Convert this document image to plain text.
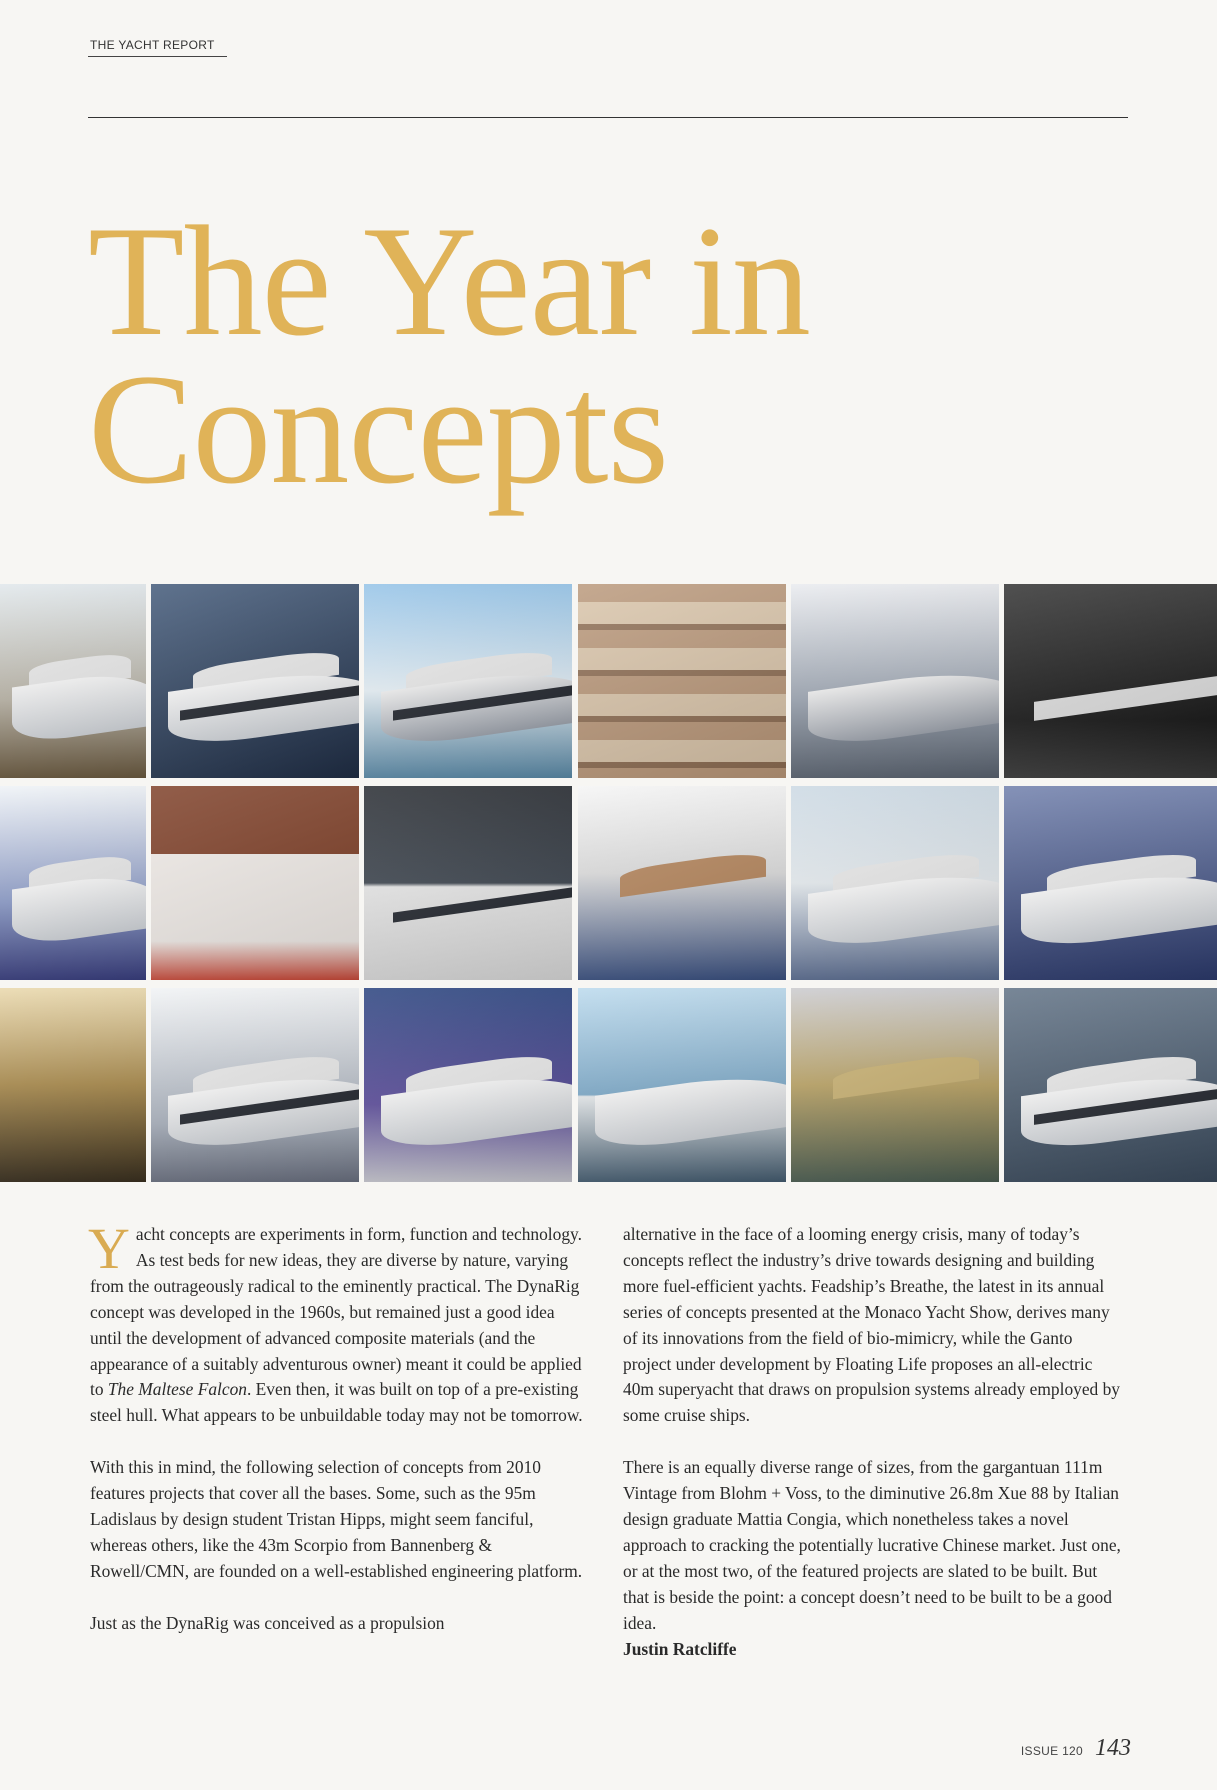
THE YACHT REPORT
The Year in
Concepts

Yacht concepts are experiments in form, function and technology. As test beds for new ideas, they are diverse by nature, varying from the outrageously radical to the eminently practical. The DynaRig concept was developed in the 1960s, but remained just a good idea until the development of advanced composite materials (and the appearance of a suitably adventurous owner) meant it could be applied to The Maltese Falcon. Even then, it was built on top of a pre-existing steel hull. What appears to be unbuildable today may not be tomorrow.

With this in mind, the following selection of concepts from 2010 features projects that cover all the bases. Some, such as the 95m Ladislaus by design student Tristan Hipps, might seem fanciful, whereas others, like the 43m Scorpio from Bannenberg & Rowell/CMN, are founded on a well-established engineering platform.

Just as the DynaRig was conceived as a propulsion

alternative in the face of a looming energy crisis, many of today’s concepts reflect the industry’s drive towards designing and building more fuel-efficient yachts. Feadship’s Breathe, the latest in its annual series of concepts presented at the Monaco Yacht Show, derives many of its innovations from the field of bio-mimicry, while the Ganto project under development by Floating Life proposes an all-electric 40m superyacht that draws on propulsion systems already employed by some cruise ships.

There is an equally diverse range of sizes, from the gargantuan 111m Vintage from Blohm + Voss, to the diminutive 26.8m Xue 88 by Italian design graduate Mattia Congia, which nonetheless takes a novel approach to cracking the potentially lucrative Chinese market. Just one, or at the most two, of the featured projects are slated to be built. But that is beside the point: a concept doesn’t need to be built to be a good idea.
Justin Ratcliffe

ISSUE 120 143
